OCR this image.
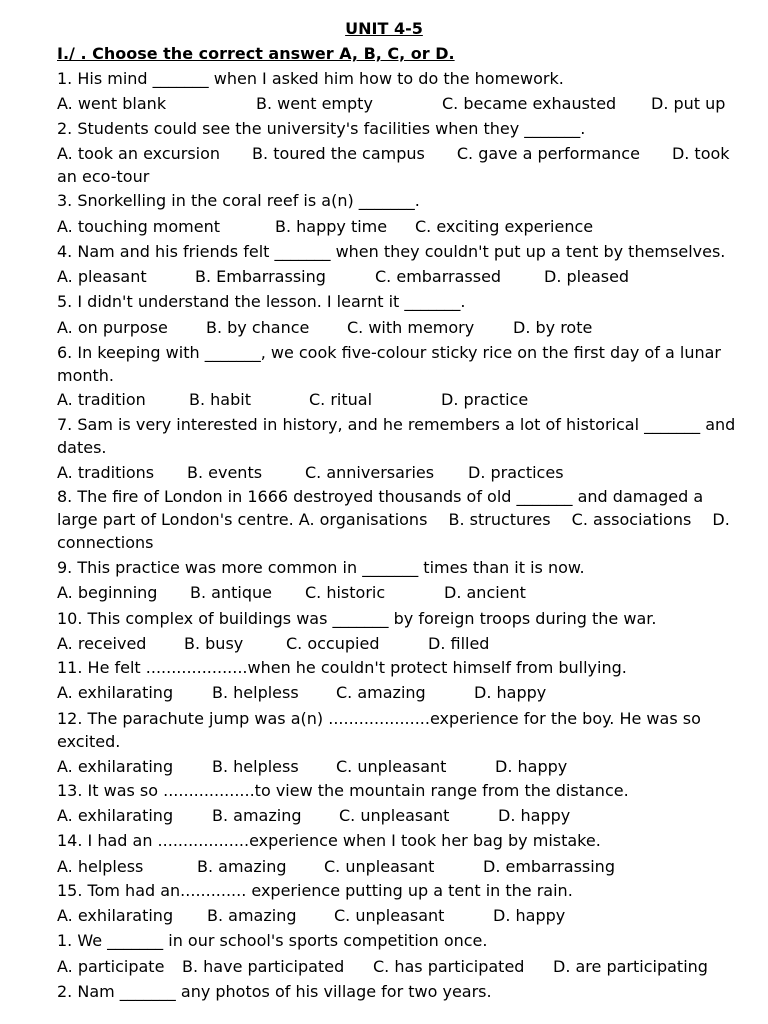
UNIT 4-5
I./ . Choose the correct answer A, B, C, or D.
1. His mind _______ when I asked him how to do the homework.
A. went blank	B. went empty	C. became exhausted D. put up
2. Students could see the university's facilities when they _______.
A. took an excursion  B. toured the campus  C. gave a performance  D. took an eco-tour
3. Snorkelling in the coral reef is a(n) _______.
A. touching moment	B. happy time C. exciting experience
4. Nam and his friends felt _______ when they couldn't put up a tent by themselves.
A. pleasant	B. Embarrassing	C. embarrassed	D. pleased
5. I didn't understand the lesson. I learnt it _______.
A. on purpose B. by chance C. with memory D. by rote
6. In keeping with _______, we cook five-colour sticky rice on the first day of a lunar month.
A. tradition	B. habit	C. ritual	D. practice
7. Sam is very interested in history, and he remembers a lot of historical _______ and dates.
A. traditions B. events	C. anniversaries D. practices
8. The fire of London in 1666 destroyed thousands of old _______ and damaged a large part of London's centre. A. organisations  B. structures  C. associations  D. connections
9. This practice was more common in _______ times than it is now.
A. beginning B. antique C. historic	D. ancient
10. This complex of buildings was _______ by foreign troops during the war.
A. received B. busy	C. occupied	D. filled
11. He felt ....................when he couldn't protect himself from bullying.
A. exhilarating B. helpless C. amazing	D. happy
12. The parachute jump was a(n) ....................experience for the boy. He was so excited.
A. exhilarating B. helpless C. unpleasant	D. happy
13. It was so ..................to view the mountain range from the distance.
A. exhilarating B. amazing C. unpleasant	D. happy
14. I had an ..................experience when I took her bag by mistake.
A. helpless	B. amazing C. unpleasant	D. embarrassing
15. Tom had an............. experience putting up a tent in the rain.
A. exhilarating B. amazing C. unpleasant	D. happy
1. We _______ in our school's sports competition once.
A. participate B. have participated C. has participated D. are participating
2. Nam _______ any photos of his village for two years.
